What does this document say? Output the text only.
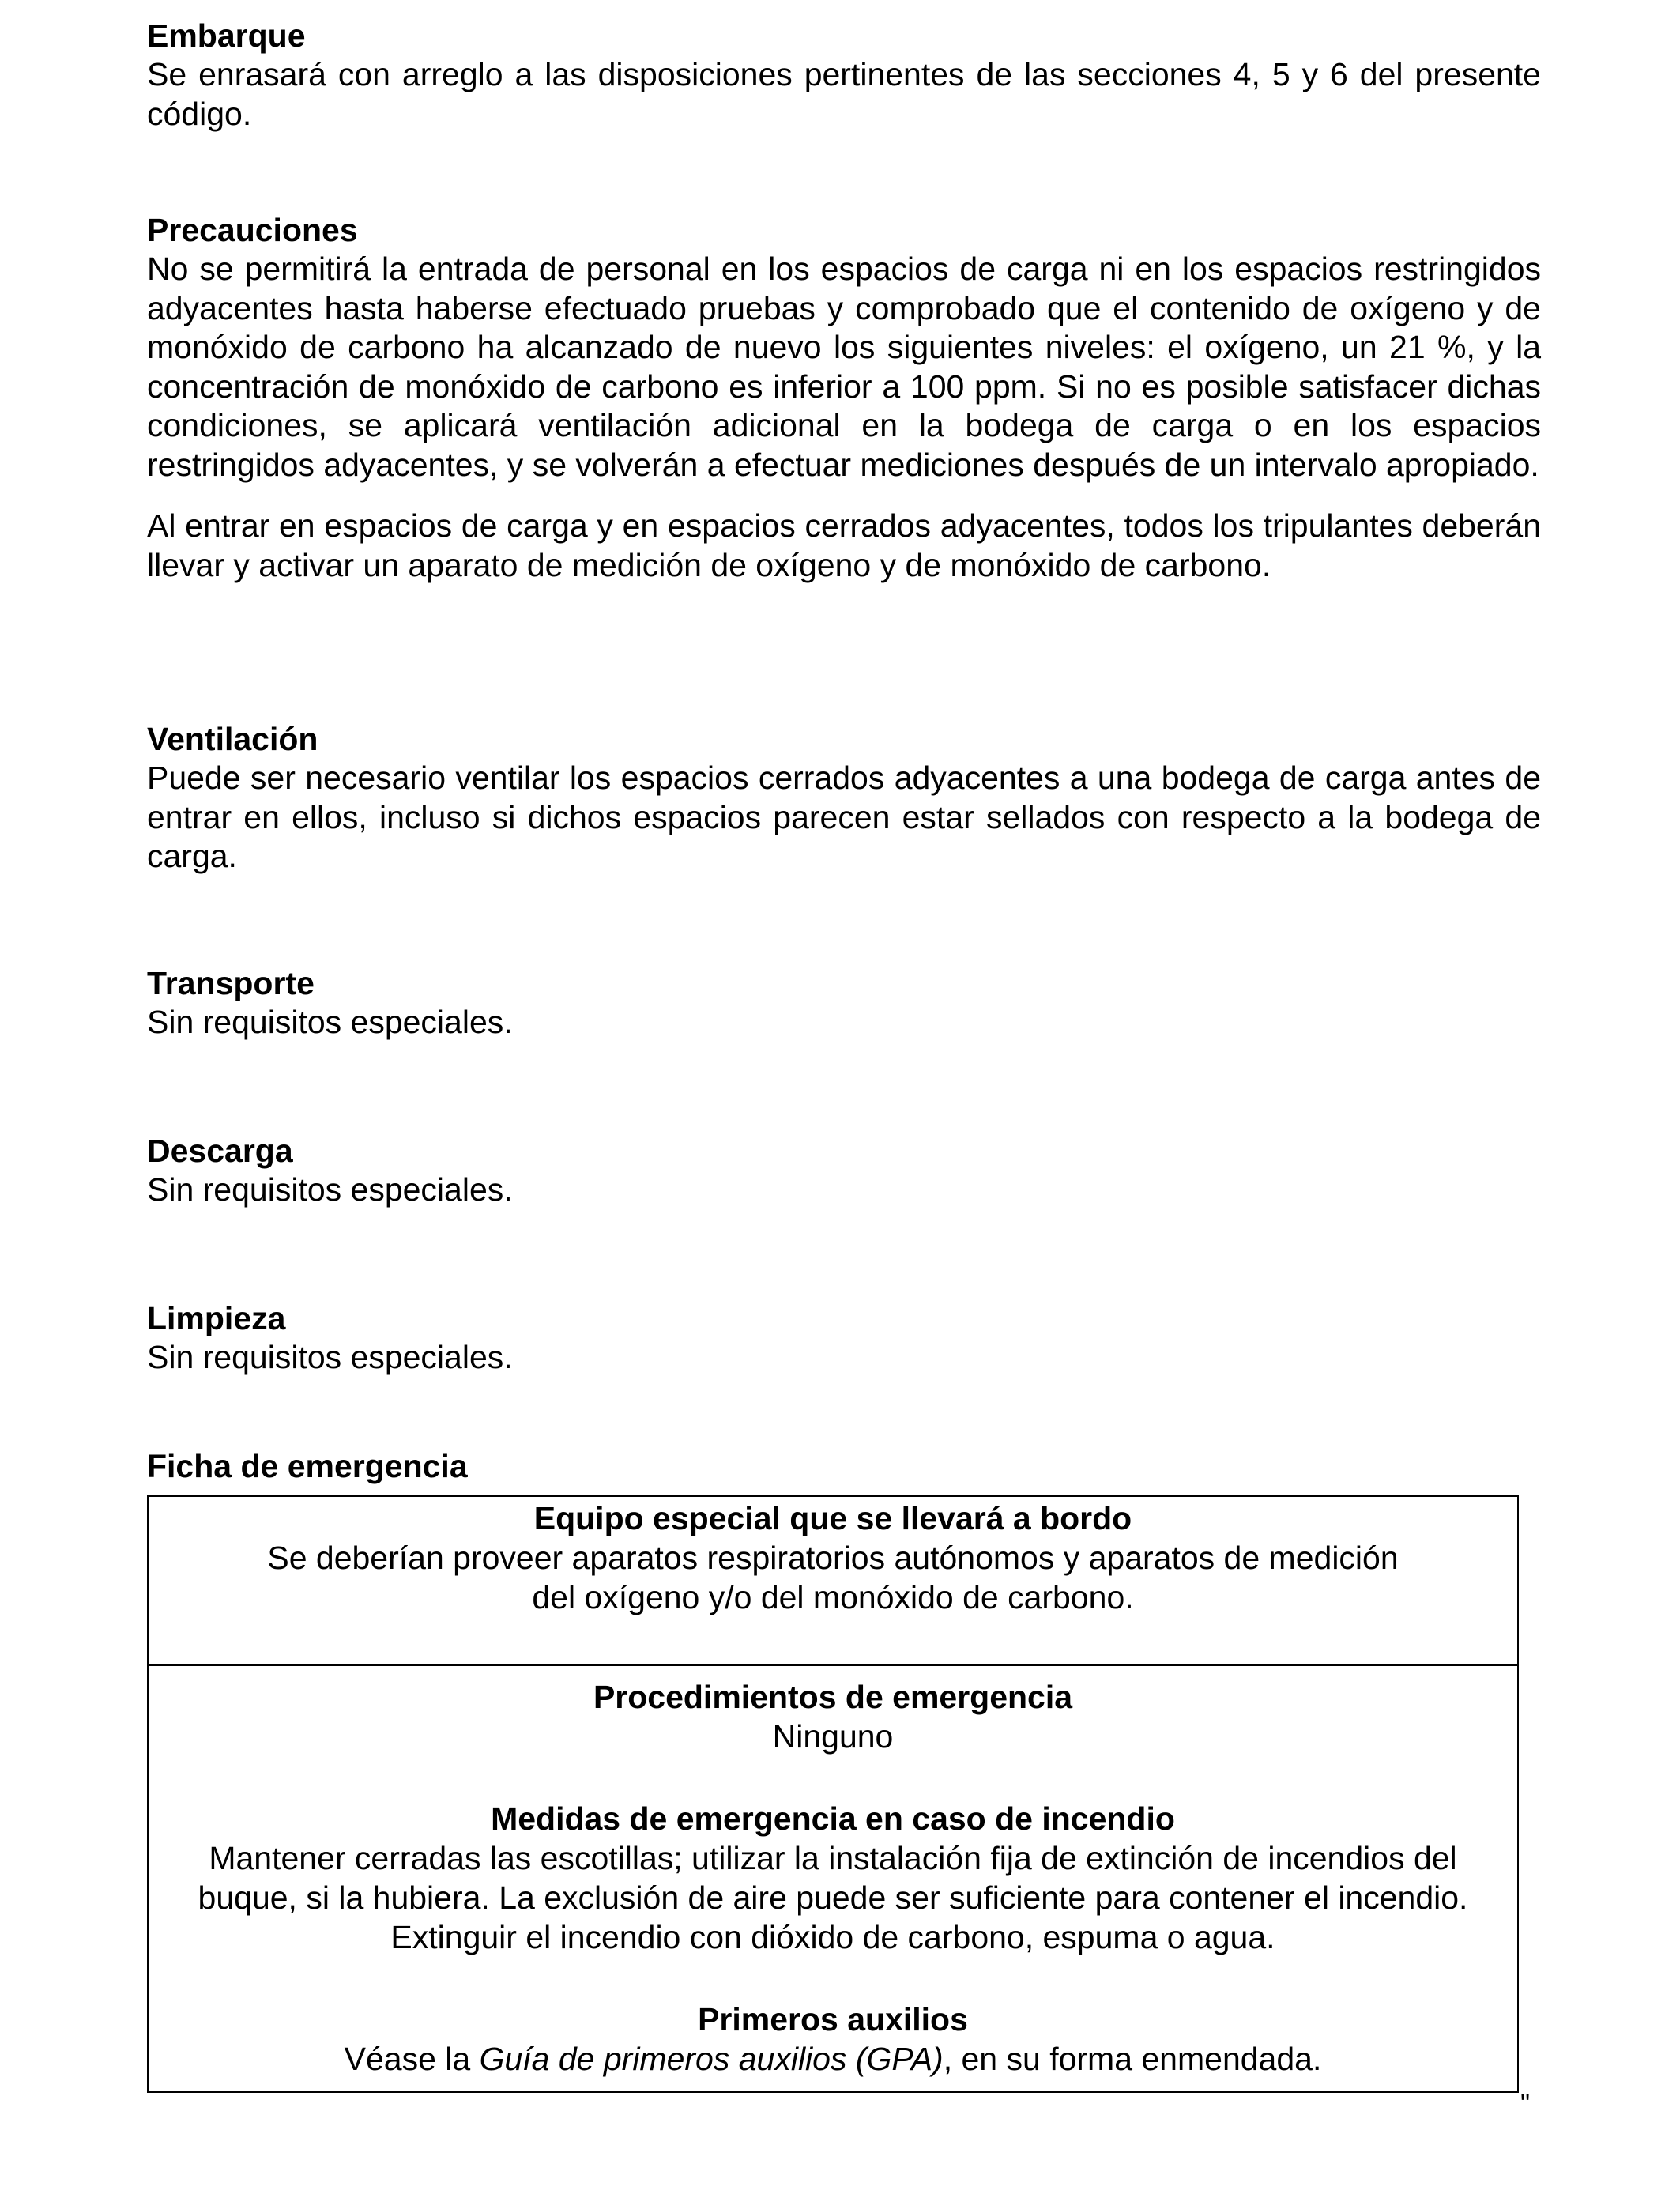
Embarque

Se enrasará con arreglo a las disposiciones pertinentes de las secciones 4, 5 y 6 del presente código.

Precauciones

No se permitirá la entrada de personal en los espacios de carga ni en los espacios restringidos adyacentes hasta haberse efectuado pruebas y comprobado que el contenido de oxígeno y de monóxido de carbono ha alcanzado de nuevo los siguientes niveles: el oxígeno, un 21 %, y la concentración de monóxido de carbono es inferior a 100 ppm. Si no es posible satisfacer dichas condiciones, se aplicará ventilación adicional en la bodega de carga o en los espacios restringidos adyacentes, y se volverán a efectuar mediciones después de un intervalo apropiado.

Al entrar en espacios de carga y en espacios cerrados adyacentes, todos los tripulantes deberán llevar y activar un aparato de medición de oxígeno y de monóxido de carbono.

Ventilación

Puede ser necesario ventilar los espacios cerrados adyacentes a una bodega de carga antes de entrar en ellos, incluso si dichos espacios parecen estar sellados con respecto a la bodega de carga.

Transporte

Sin requisitos especiales.

Descarga

Sin requisitos especiales.

Limpieza

Sin requisitos especiales.

Ficha de emergencia

Equipo especial que se llevará a bordo

Se deberían proveer aparatos respiratorios autónomos y aparatos de medición

del oxígeno y/o del monóxido de carbono.

Procedimientos de emergencia

Ninguno

Medidas de emergencia en caso de incendio

Mantener cerradas las escotillas; utilizar la instalación fija de extinción de incendios del

buque, si la hubiera. La exclusión de aire puede ser suficiente para contener el incendio.

Extinguir el incendio con dióxido de carbono, espuma o agua.

Primeros auxilios

Véase la Guía de primeros auxilios (GPA), en su forma enmendada.

"
